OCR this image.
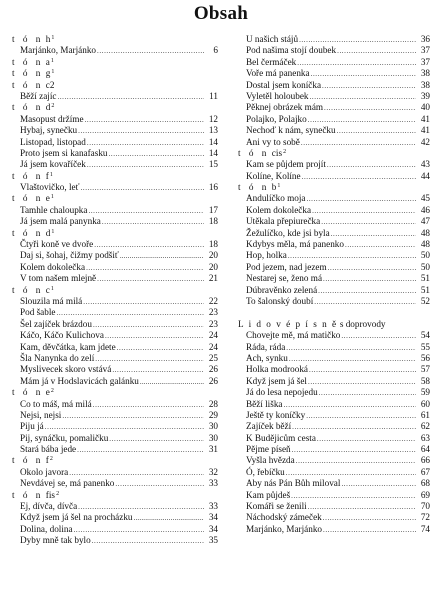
Obsah
t ó n $h^1$
Marjánko, Marjánko .....	6
t ó n $a^1$
t ó n $g^1$
t ó n c2
Běží zajíc .....	11
t ó n $d^2$
Masopust držíme .....	12
Hybaj, synečku .....	13
Listopad, listopad .....	14
Proto jsem si kanafasku .....	14
Já jsem kovaříček .....	15
t ó n $f^1$
Vlaštovičko, leť .....	16
t ó n $e^1$
Tamhle chaloupka .....	17
Já jsem malá panynka .....	18
t ó n $d^1$
Čtyři koně ve dvoře .....	18
Daj si, šohaj, čižmy podšiť .....	20
Kolem dokolečka .....	20
V tom našem mlejně .....	21
t ó n $c^1$
Slouzila má milá .....	22
Pod šable .....	23
Šel zajíček brázdou .....	23
Káčo, Káčo Kulichova .....	24
Kam, děvčátka, kam jdete .....	24
Šla Nanynka do zelí .....	25
Myslivecek skoro vstává .....	26
Mám já v Hodslavicách galánku .....	26
t ó n $e^2$
Co to máš, má milá .....	28
Nejsi, nejsi .....	29
Piju já .....	30
Pij, synáčku, pomaličku .....	30
Stará bába jede .....	31
t ó n $f^2$
Okolo javora .....	32
Nevdávej se, má panenko .....	33
t ó n fis$^2$
Ej, dívča, dívča .....	33
Když jsem já šel na procházku .....	34
Dolina, dolina .....	34
Dyby mně tak bylo .....	35
U našich stájů .....	36
Pod našima stojí doubek .....	37
Bel čermáček .....	37
Voře má panenka .....	38
Dostal jsem koníčka .....	38
Vyletěl holoubek .....	39
Pěknej obrázek mám .....	40
Polajko, Polajko .....	41
Nechoď k nám, synečku .....	41
Ani vy to sobě .....	42
t ó n cis$^2$
Kam se půjdem projít .....	43
Kolíne, Kolíne .....	44
t ó n $b^1$
Andulíčko moja .....	45
Kolem dokolečka .....	46
Utěkala přepiurečka .....	47
Žežulíčko, kde jsi byla .....	48
Kdybys měla, má panenko .....	48
Hop, holka .....	50
Pod jezem, nad jezem .....	50
Nestarej se, ženo má .....	51
Dúbravěnko zelená .....	51
To šalonský doubí .....	52
L i d o v é p í s n ě s doprovody
Chovejte mě, má matičko .....	54
Ráda, ráda .....	55
Ach, synku .....	56
Holka modrooká .....	57
Když jsem já šel .....	58
Já do lesa nepojedu .....	59
Běží liška .....	60
Ještě ty koníčky .....	61
Zajíček běží .....	62
K Budějicům cesta .....	63
Pějme píseň .....	64
Vyšla hvězda .....	66
Ó, řebíčku .....	67
Aby nás Pán Bůh miloval .....	68
Kam půjdeš .....	69
Komáři se ženili .....	70
Náchodský zámeček .....	72
Marjánko, Marjánko .....	74
